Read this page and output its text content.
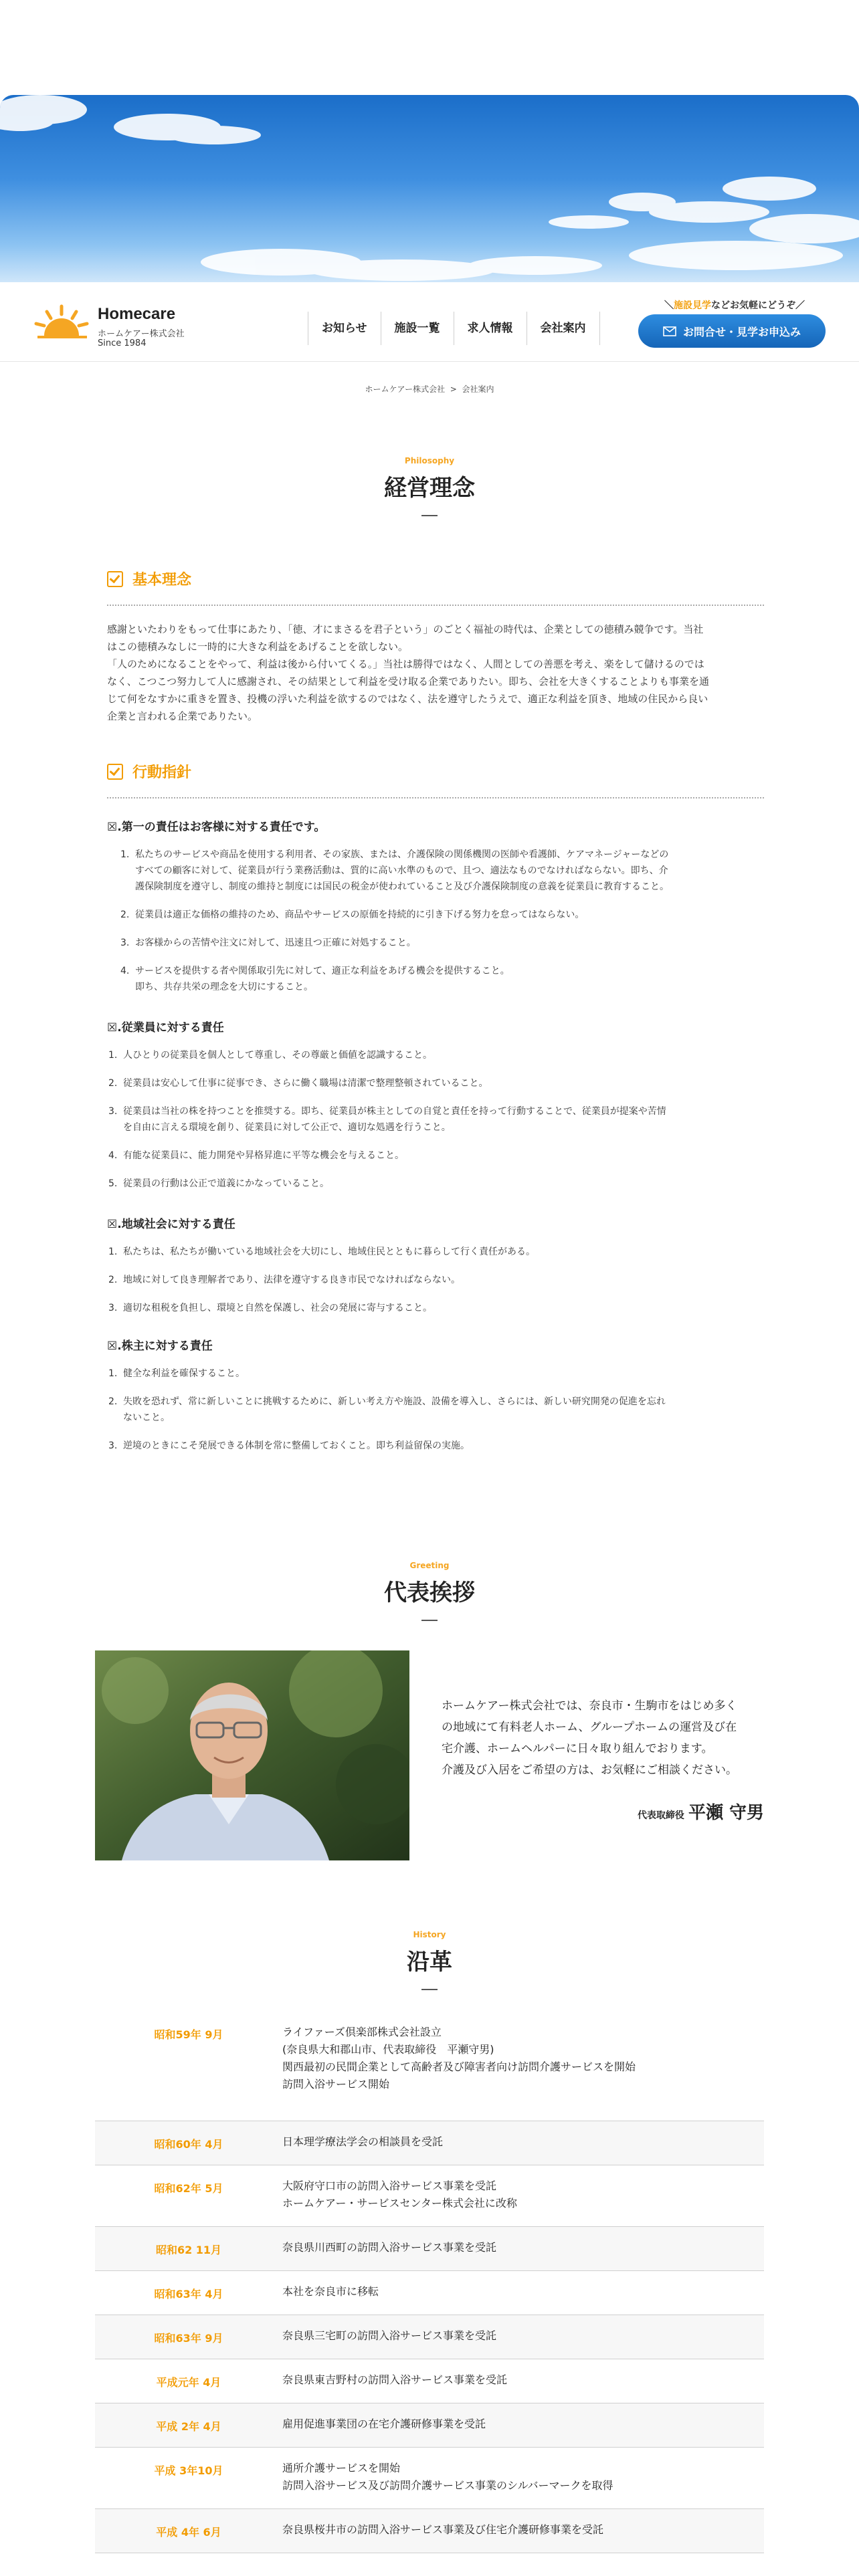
Homecare
ホームケアー株式会社
Since 1984
お知らせ	施設一覧	求人情報	会社案内
＼施設見学などお気軽にどうぞ／
お問合せ・見学お申込み
ホームケアー株式会社 > 会社案内
Philosophy
経営理念
基本理念
感謝といたわりをもって仕事にあたり、「徳、才にまさるを君子という」のごとく福祉の時代は、企業としての徳積み競争です。当社
はこの徳積みなしに一時的に大きな利益をあげることを欲しない。
「人のためになることをやって、利益は後から付いてくる。」当社は勝得ではなく、人間としての善悪を考え、楽をして儲けるのでは
なく、こつこつ努力して人に感謝され、その結果として利益を受け取る企業でありたい。即ち、会社を大きくすることよりも事業を通
じて何をなすかに重きを置き、投機の浮いた利益を欲するのではなく、法を遵守したうえで、適正な利益を頂き、地域の住民から良い
企業と言われる企業でありたい。
行動指針
☒.第一の責任はお客様に対する責任です。
1. 私たちのサービスや商品を使用する利用者、その家族、または、介護保険の関係機関の医師や看護師、ケアマネージャーなどの
すべての顧客に対して、従業員が行う業務活動は、質的に高い水準のもので、且つ、適法なものでなければならない。即ち、介
護保険制度を遵守し、制度の維持と制度には国民の税金が使われていること及び介護保険制度の意義を従業員に教育すること。
2. 従業員は適正な価格の維持のため、商品やサービスの原価を持続的に引き下げる努力を怠ってはならない。
3. お客様からの苦情や注文に対して、迅速且つ正確に対処すること。
4. サービスを提供する者や関係取引先に対して、適正な利益をあげる機会を提供すること。
即ち、共存共栄の理念を大切にすること。
☒.従業員に対する責任
1. 人ひとりの従業員を個人として尊重し、その尊厳と価値を認識すること。
2. 従業員は安心して仕事に従事でき、さらに働く職場は清潔で整理整頓されていること。
3. 従業員は当社の株を持つことを推奨する。即ち、従業員が株主としての自覚と責任を持って行動することで、従業員が提案や苦情
を自由に言える環境を創り、従業員に対して公正で、適切な処遇を行うこと。
4. 有能な従業員に、能力開発や昇格昇進に平等な機会を与えること。
5. 従業員の行動は公正で道義にかなっていること。
☒.地域社会に対する責任
1. 私たちは、私たちが働いている地域社会を大切にし、地域住民とともに暮らして行く責任がある。
2. 地域に対して良き理解者であり、法律を遵守する良き市民でなければならない。
3. 適切な租税を負担し、環境と自然を保護し、社会の発展に寄与すること。
☒.株主に対する責任
1. 健全な利益を確保すること。
2. 失敗を恐れず、常に新しいことに挑戦するために、新しい考え方や施設、設備を導入し、さらには、新しい研究開発の促進を忘れ
ないこと。
3. 逆境のときにこそ発展できる体制を常に整備しておくこと。即ち利益留保の実施。
Greeting
代表挨拶
ホームケアー株式会社では、奈良市・生駒市をはじめ多く
の地域にて有料老人ホーム、グループホームの運営及び在
宅介護、ホームヘルパーに日々取り組んでおります。
介護及び入居をご希望の方は、お気軽にご相談ください。
代表取締役 平瀬 守男
History
沿革
昭和59年 9月	ライファーズ倶楽部株式会社設立
(奈良県大和郡山市、代表取締役　平瀬守男)
関西最初の民間企業として高齢者及び障害者向け訪問介護サービスを開始
訪問入浴サービス開始
昭和60年 4月	日本理学療法学会の相談員を受託
昭和62年 5月	大阪府守口市の訪問入浴サービス事業を受託
ホームケアー・サービスセンター株式会社に改称
昭和62 11月	奈良県川西町の訪問入浴サービス事業を受託
昭和63年 4月	本社を奈良市に移転
昭和63年 9月	奈良県三宅町の訪問入浴サービス事業を受託
平成元年 4月	奈良県東吉野村の訪問入浴サービス事業を受託
平成 2年 4月	雇用促進事業団の在宅介護研修事業を受託
平成 3年10月	通所介護サービスを開始
訪問入浴サービス及び訪問介護サービス事業のシルバーマークを取得
平成 4年 6月	奈良県桜井市の訪問入浴サービス事業及び住宅介護研修事業を受託
